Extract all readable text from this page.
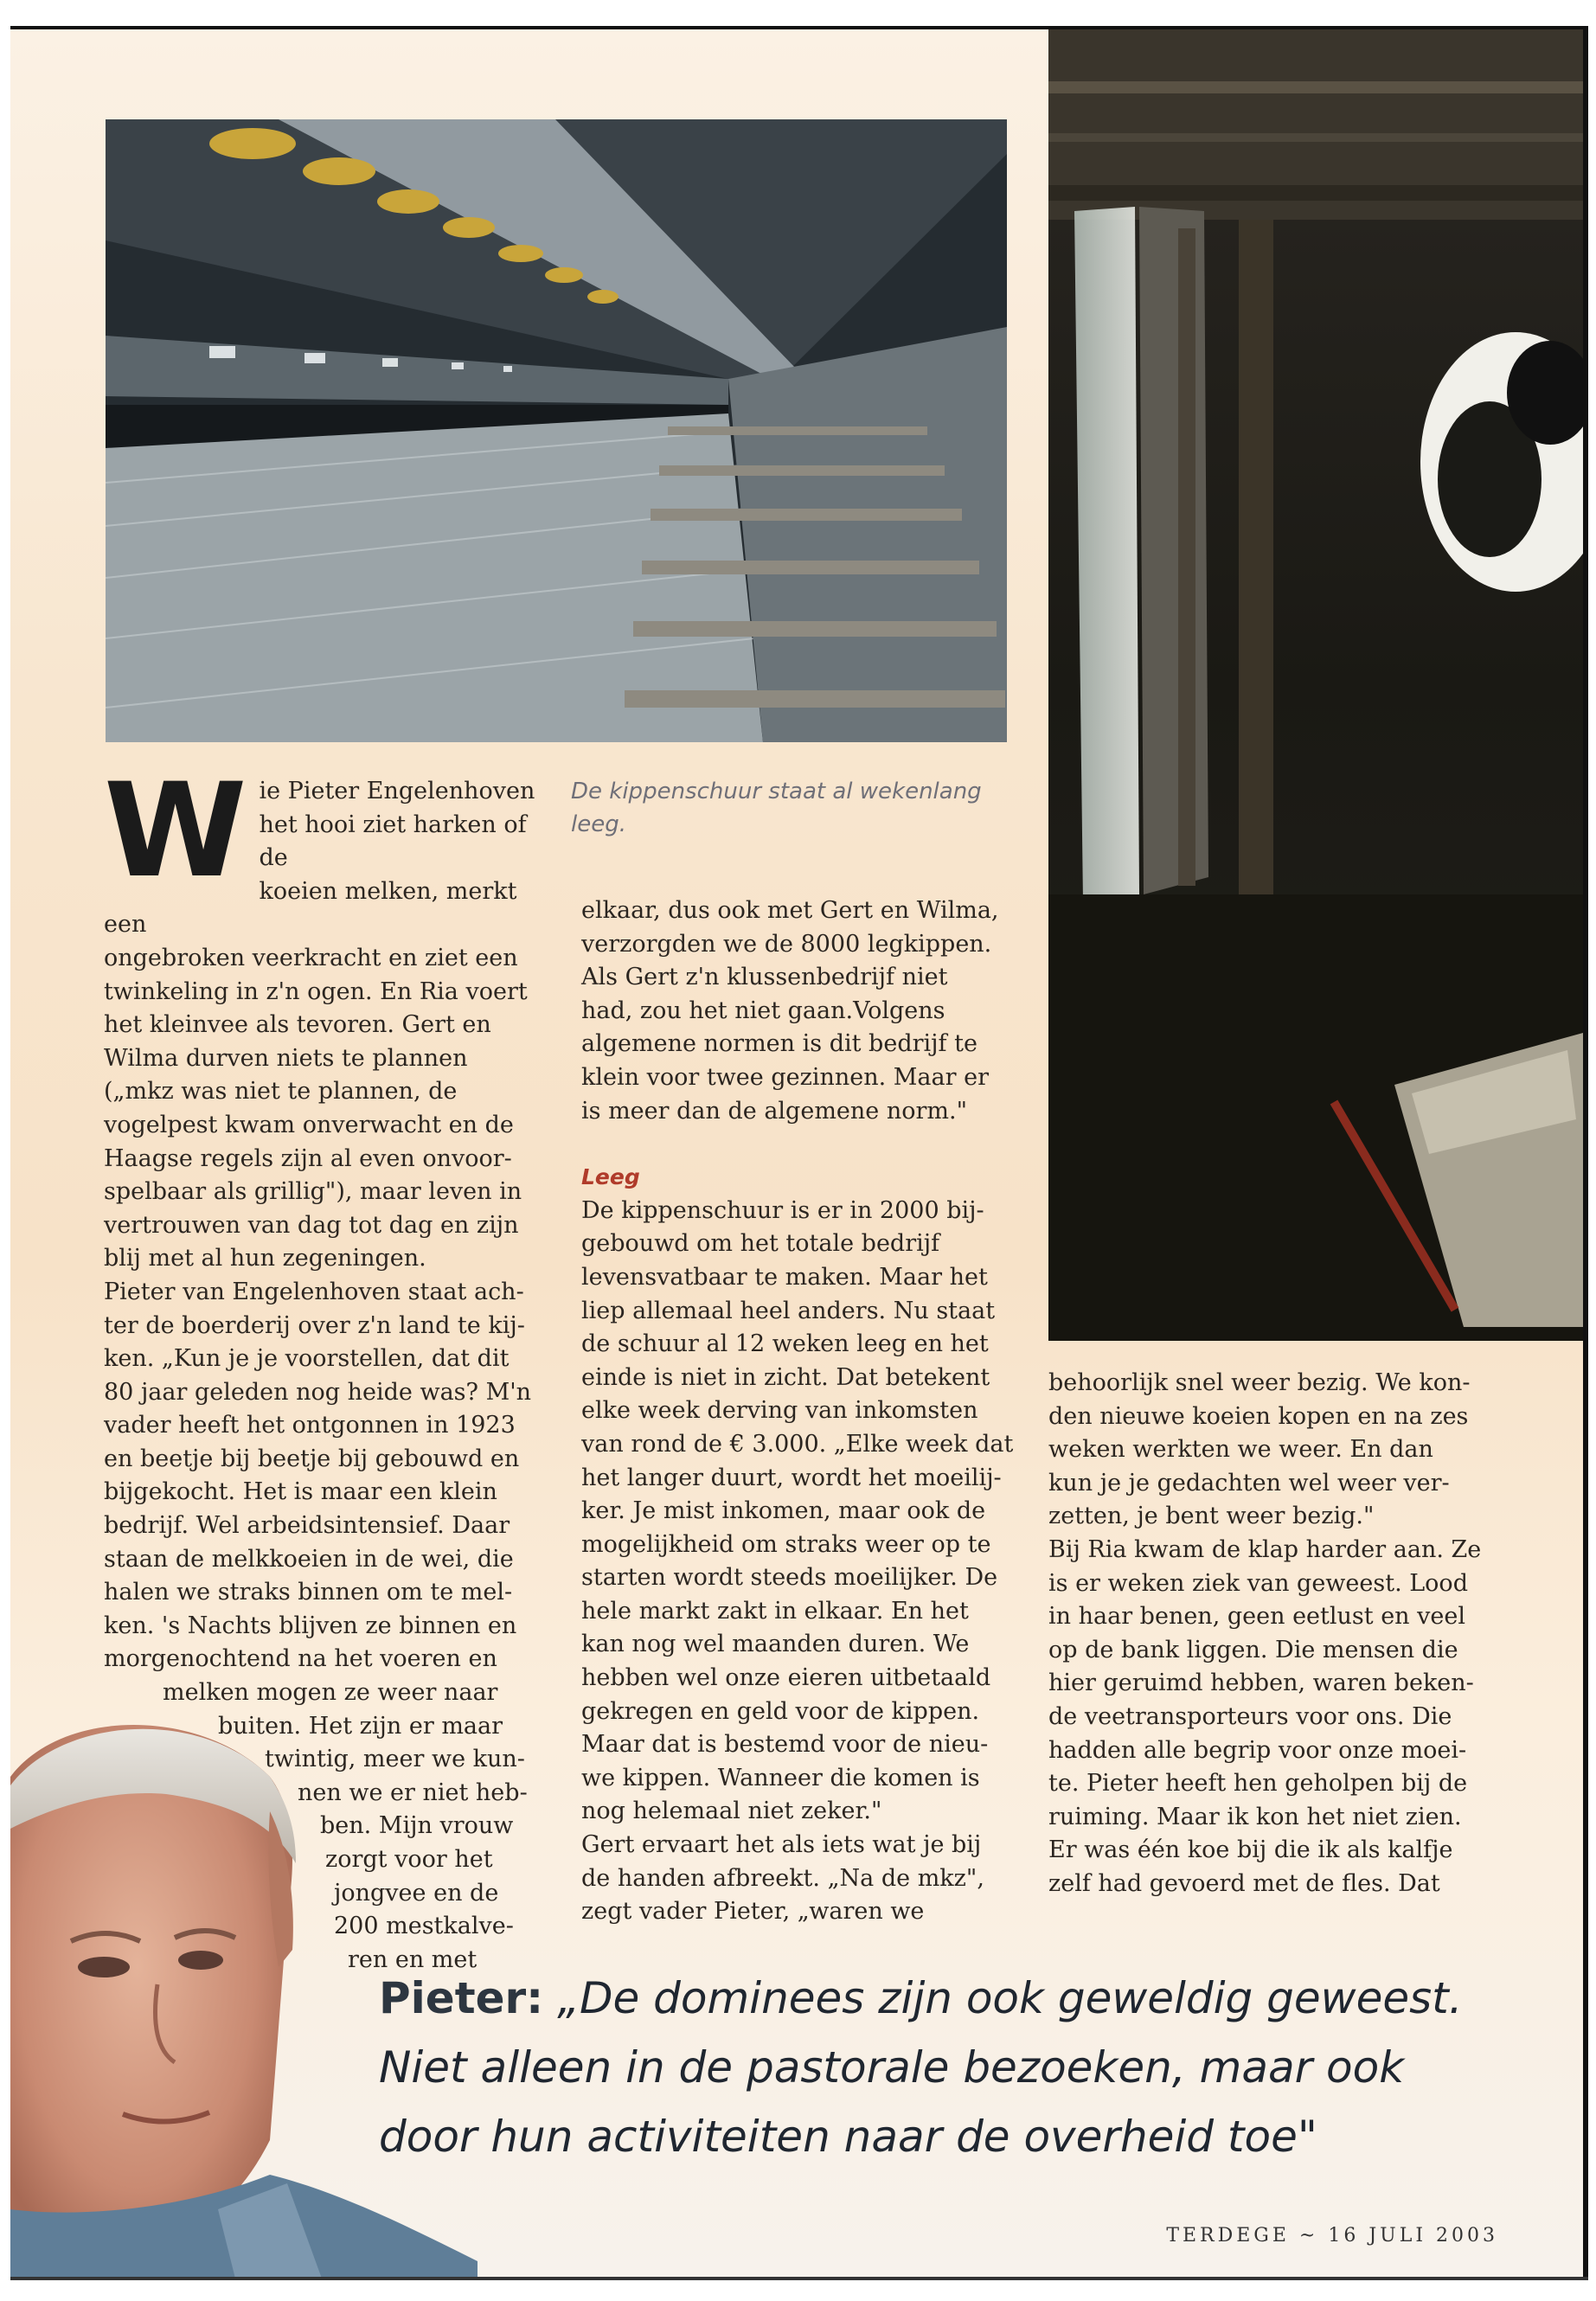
De kippenschuur staat al wekenlang leeg.
W ie Pieter Engelenhoven

het hooi ziet harken of de

koeien melken, merkt een

ongebroken veerkracht en ziet een

twinkeling in z'n ogen. En Ria voert

het kleinvee als tevoren. Gert en

Wilma durven niets te plannen

(„mkz was niet te plannen, de

vogelpest kwam onverwacht en de

Haagse regels zijn al even onvoor-

spelbaar als grillig"), maar leven in

vertrouwen van dag tot dag en zijn

blij met al hun zegeningen.

Pieter van Engelenhoven staat ach-

ter de boerderij over z'n land te kij-

ken. „Kun je je voorstellen, dat dit

80 jaar geleden nog heide was? M'n

vader heeft het ontgonnen in 1923

en beetje bij beetje bij gebouwd en

bijgekocht. Het is maar een klein

bedrijf. Wel arbeidsintensief. Daar

staan de melkkoeien in de wei, die

halen we straks binnen om te mel-

ken. 's Nachts blijven ze binnen en

morgenochtend na het voeren en

melken mogen ze weer naar

buiten. Het zijn er maar

twintig, meer we kun-

nen we er niet heb-

ben. Mijn vrouw

zorgt voor het

jongvee en de

200 mestkalve-

ren en met

elkaar, dus ook met Gert en Wilma,

verzorgden we de 8000 legkippen.

Als Gert z'n klussenbedrijf niet

had, zou het niet gaan.Volgens

algemene normen is dit bedrijf te

klein voor twee gezinnen. Maar er

is meer dan de algemene norm."

Leeg

De kippenschuur is er in 2000 bij-

gebouwd om het totale bedrijf

levensvatbaar te maken. Maar het

liep allemaal heel anders. Nu staat

de schuur al 12 weken leeg en het

einde is niet in zicht. Dat betekent

elke week derving van inkomsten

van rond de € 3.000. „Elke week dat

het langer duurt, wordt het moeilij-

ker. Je mist inkomen, maar ook de

mogelijkheid om straks weer op te

starten wordt steeds moeilijker. De

hele markt zakt in elkaar. En het

kan nog wel maanden duren. We

hebben wel onze eieren uitbetaald

gekregen en geld voor de kippen.

Maar dat is bestemd voor de nieu-

we kippen. Wanneer die komen is

nog helemaal niet zeker."

Gert ervaart het als iets wat je bij

de handen afbreekt. „Na de mkz",

zegt vader Pieter, „waren we

behoorlijk snel weer bezig. We kon-

den nieuwe koeien kopen en na zes

weken werkten we weer. En dan

kun je je gedachten wel weer ver-

zetten, je bent weer bezig."

Bij Ria kwam de klap harder aan. Ze

is er weken ziek van geweest. Lood

in haar benen, geen eetlust en veel

op de bank liggen. Die mensen die

hier geruimd hebben, waren beken-

de veetransporteurs voor ons. Die

hadden alle begrip voor onze moei-

te. Pieter heeft hen geholpen bij de

ruiming. Maar ik kon het niet zien.

Er was één koe bij die ik als kalfje

zelf had gevoerd met de fles. Dat

Pieter: „De dominees zijn ook geweldig geweest. Niet alleen in de pastorale bezoeken, maar ook door hun activiteiten naar de overheid toe"
TERDEGE ~ 16 JULI 2003
